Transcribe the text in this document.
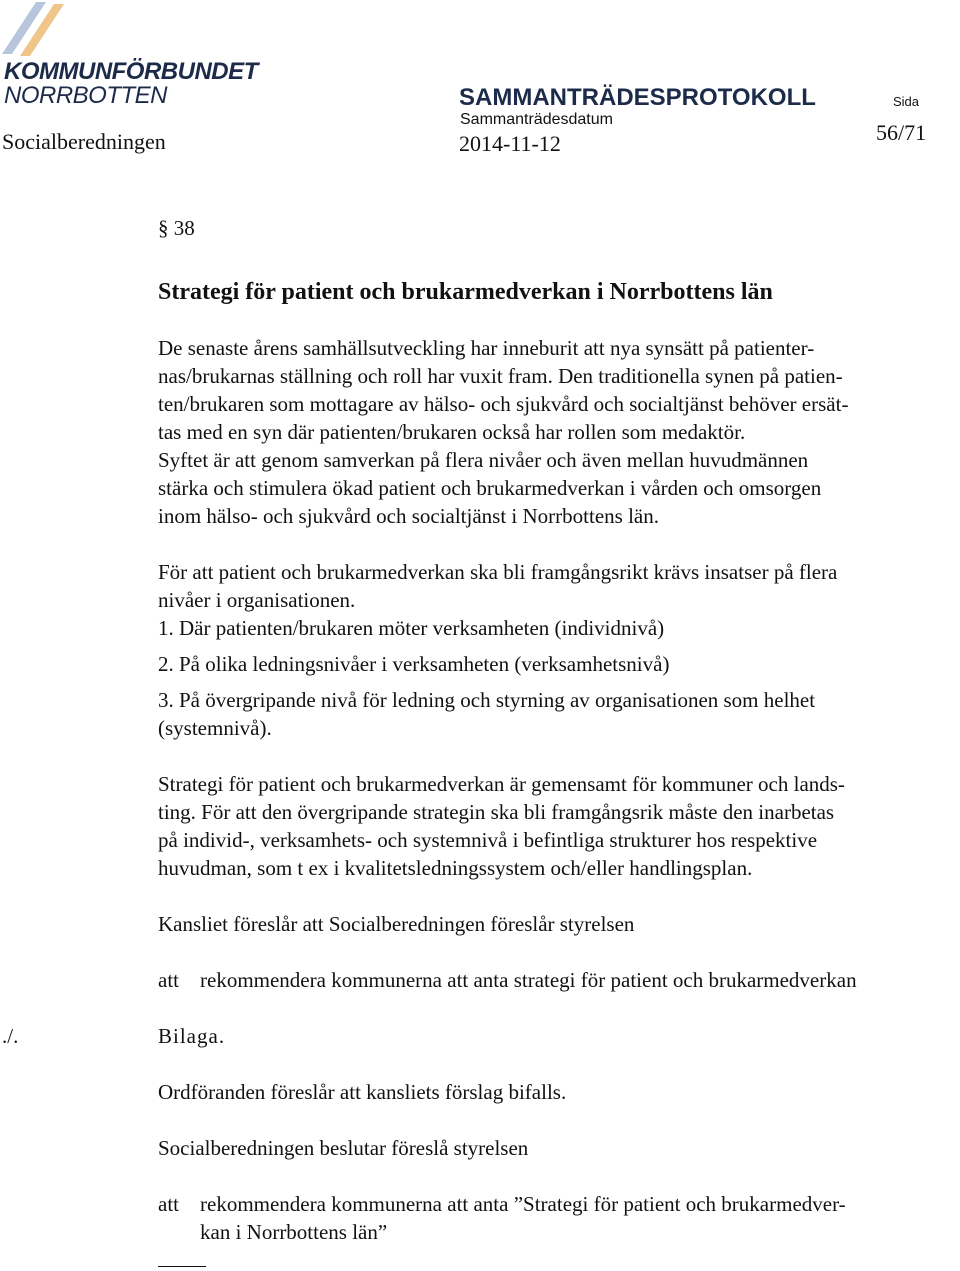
KOMMUNFÖRBUNDET
NORRBOTTEN
Socialberedningen
SAMMANTRÄDESPROTOKOLL
Sammanträdesdatum
2014-11-12
Sida
56/71
§ 38
Strategi för patient och brukarmedverkan i Norrbottens län
De senaste årens samhällsutveckling har inneburit att nya synsätt på patienter-
nas/brukarnas ställning och roll har vuxit fram. Den traditionella synen på patien-
ten/brukaren som mottagare av hälso- och sjukvård och socialtjänst behöver ersät-
tas med en syn där patienten/brukaren också har rollen som medaktör.
Syftet är att genom samverkan på flera nivåer och även mellan huvudmännen
stärka och stimulera ökad patient och brukarmedverkan i vården och omsorgen
inom hälso- och sjukvård och socialtjänst i Norrbottens län.
För att patient och brukarmedverkan ska bli framgångsrikt krävs insatser på flera
nivåer i organisationen.
1. Där patienten/brukaren möter verksamheten (individnivå)
2. På olika ledningsnivåer i verksamheten (verksamhetsnivå)
3. På övergripande nivå för ledning och styrning av organisationen som helhet
(systemnivå).
Strategi för patient och brukarmedverkan är gemensamt för kommuner och lands-
ting. För att den övergripande strategin ska bli framgångsrik måste den inarbetas
på individ-, verksamhets- och systemnivå i befintliga strukturer hos respektive
huvudman, som t ex i kvalitetsledningssystem och/eller handlingsplan.
Kansliet föreslår att Socialberedningen föreslår styrelsen
att rekommendera kommunerna att anta strategi för patient och brukarmedverkan
Bilaga.
Ordföranden föreslår att kansliets förslag bifalls.
Socialberedningen beslutar föreslå styrelsen
att rekommendera kommunerna att anta ”Strategi för patient och brukarmedver-
kan i Norrbottens län”
./.
